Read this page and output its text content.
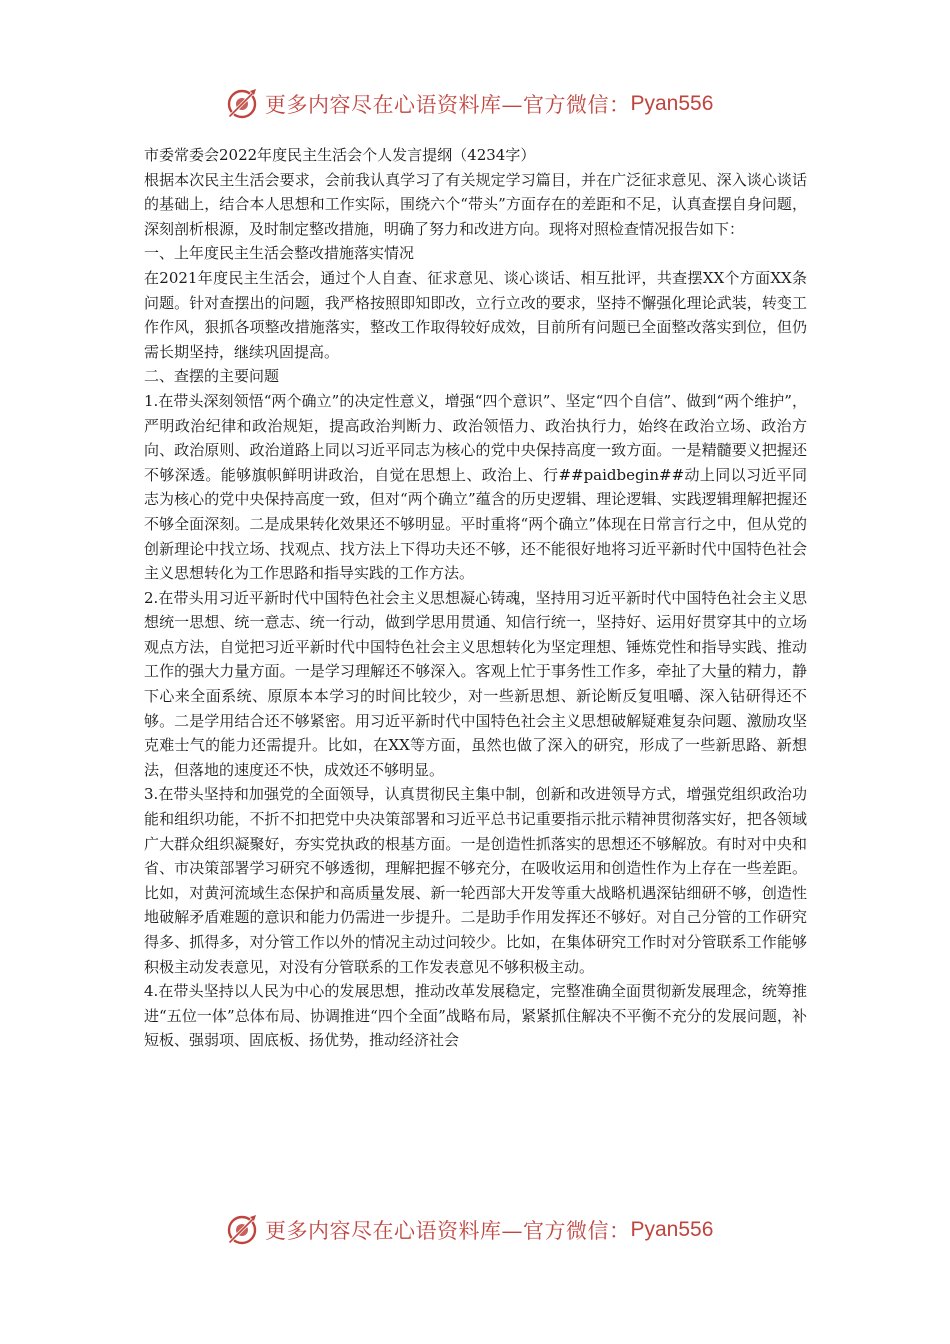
更多内容尽在心语资料库—官方微信： Pyan556

市委常委会2022年度民主生活会个人发言提纲（4234字）

根据本次民主生活会要求，会前我认真学习了有关规定学习篇目，并在广泛征求意见、深入谈心谈话的基础上，结合本人思想和工作实际，围绕六个“带头”方面存在的差距和不足，认真查摆自身问题，深刻剖析根源，及时制定整改措施，明确了努力和改进方向。现将对照检查情况报告如下：

一、上年度民主生活会整改措施落实情况

在2021年度民主生活会，通过个人自查、征求意见、谈心谈话、相互批评，共查摆XX个方面XX条问题。针对查摆出的问题，我严格按照即知即改，立行立改的要求，坚持不懈强化理论武装，转变工作作风，狠抓各项整改措施落实，整改工作取得较好成效，目前所有问题已全面整改落实到位，但仍需长期坚持，继续巩固提高。

二、查摆的主要问题

1.在带头深刻领悟“两个确立”的决定性意义，增强“四个意识”、坚定“四个自信”、做到“两个维护”，严明政治纪律和政治规矩，提高政治判断力、政治领悟力、政治执行力，始终在政治立场、政治方向、政治原则、政治道路上同以习近平同志为核心的党中央保持高度一致方面。一是精髓要义把握还不够深透。能够旗帜鲜明讲政治，自觉在思想上、政治上、行##paidbegin##动上同以习近平同志为核心的党中央保持高度一致，但对“两个确立”蕴含的历史逻辑、理论逻辑、实践逻辑理解把握还不够全面深刻。二是成果转化效果还不够明显。平时重将“两个确立”体现在日常言行之中，但从党的创新理论中找立场、找观点、找方法上下得功夫还不够，还不能很好地将习近平新时代中国特色社会主义思想转化为工作思路和指导实践的工作方法。

2.在带头用习近平新时代中国特色社会主义思想凝心铸魂，坚持用习近平新时代中国特色社会主义思想统一思想、统一意志、统一行动，做到学思用贯通、知信行统一，坚持好、运用好贯穿其中的立场观点方法，自觉把习近平新时代中国特色社会主义思想转化为坚定理想、锤炼党性和指导实践、推动工作的强大力量方面。一是学习理解还不够深入。客观上忙于事务性工作多，牵扯了大量的精力，静下心来全面系统、原原本本学习的时间比较少，对一些新思想、新论断反复咀嚼、深入钻研得还不够。二是学用结合还不够紧密。用习近平新时代中国特色社会主义思想破解疑难复杂问题、激励攻坚克难士气的能力还需提升。比如，在XX等方面，虽然也做了深入的研究，形成了一些新思路、新想法，但落地的速度还不快，成效还不够明显。

3.在带头坚持和加强党的全面领导，认真贯彻民主集中制，创新和改进领导方式，增强党组织政治功能和组织功能，不折不扣把党中央决策部署和习近平总书记重要指示批示精神贯彻落实好，把各领域广大群众组织凝聚好，夯实党执政的根基方面。一是创造性抓落实的思想还不够解放。有时对中央和省、市决策部署学习研究不够透彻，理解把握不够充分，在吸收运用和创造性作为上存在一些差距。比如，对黄河流域生态保护和高质量发展、新一轮西部大开发等重大战略机遇深钻细研不够，创造性地破解矛盾难题的意识和能力仍需进一步提升。二是助手作用发挥还不够好。对自己分管的工作研究得多、抓得多，对分管工作以外的情况主动过问较少。比如，在集体研究工作时对分管联系工作能够积极主动发表意见，对没有分管联系的工作发表意见不够积极主动。

4.在带头坚持以人民为中心的发展思想，推动改革发展稳定，完整准确全面贯彻新发展理念，统筹推进“五位一体”总体布局、协调推进“四个全面”战略布局，紧紧抓住解决不平衡不充分的发展问题，补短板、强弱项、固底板、扬优势，推动经济社会

更多内容尽在心语资料库—官方微信： Pyan556
